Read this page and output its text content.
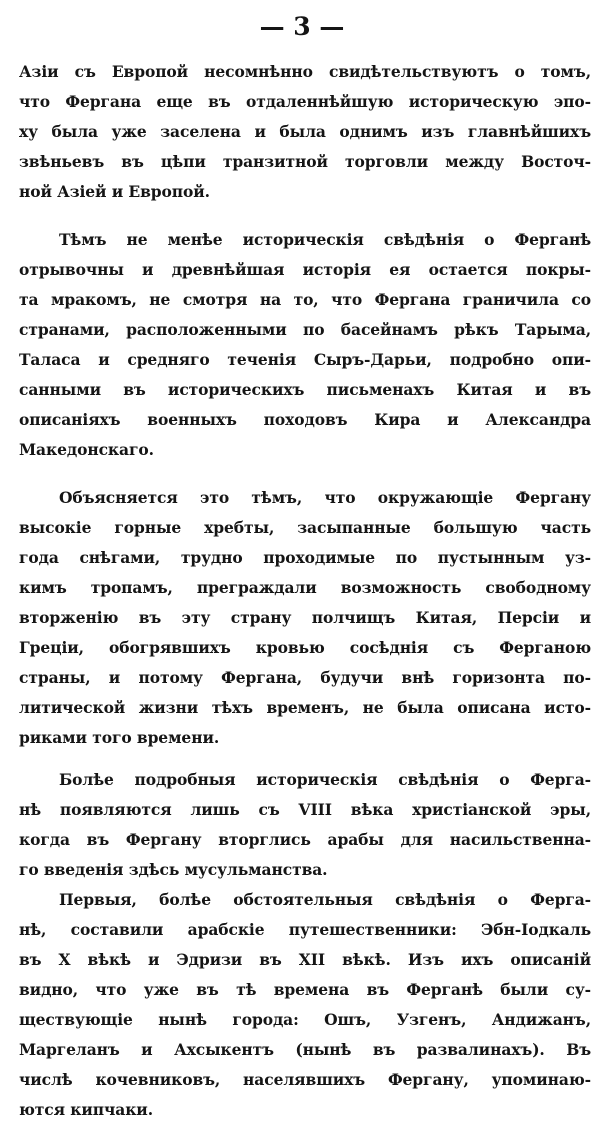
— 3 —
Азіи съ Европой несомнѣнно свидѣтельствуютъ о томъ,
что Фергана еще въ отдаленнѣйшую историческую эпо-
ху была уже заселена и была однимъ изъ главнѣйшихъ
звѣньевъ въ цѣпи транзитной торговли между Восточ-
ной Азіей и Европой.
Тѣмъ не менѣе историческія свѣдѣнія о Ферганѣ
отрывочны и древнѣйшая исторія ея остается покры-
та мракомъ, не смотря на то, что Фергана граничила со
странами, расположенными по басейнамъ рѣкъ Тарыма,
Таласа и средняго теченія Сыръ-Дарьи, подробно опи-
санными въ историческихъ письменахъ Китая и въ
описаніяхъ военныхъ походовъ Кира и Александра
Македонскаго.
Объясняется это тѣмъ, что окружающіе Фергану
высокіе горные хребты, засыпанные большую часть
года снѣгами, трудно проходимые по пустынным уз-
кимъ тропамъ, преграждали возможность свободному
вторженію въ эту страну полчищъ Китая, Персіи и
Греціи, обогрявшихъ кровью сосѣднія съ Ферганою
страны, и потому Фергана, будучи внѣ горизонта по-
литической жизни тѣхъ временъ, не была описана исто-
риками того времени.
Болѣе подробныя историческія свѣдѣнія о Ферга-
нѣ появляются лишь съ VIII вѣка христіанской эры,
когда въ Фергану вторглись арабы для насильственна-
го введенія здѣсь мусульманства.
Первыя, болѣе обстоятельныя свѣдѣнія о Ферга-
нѣ, составили арабскіе путешественники: Эбн-Іодкаль
въ X вѣкѣ и Эдризи въ XII вѣкѣ. Изъ ихъ описаній
видно, что уже въ тѣ времена въ Ферганѣ были су-
ществующіе нынѣ города: Ошъ, Узгенъ, Андижанъ,
Маргеланъ и Ахсыкентъ (нынѣ въ развалинахъ). Въ
числѣ кочевниковъ, населявшихъ Фергану, упоминаю-
ются кипчаки.
